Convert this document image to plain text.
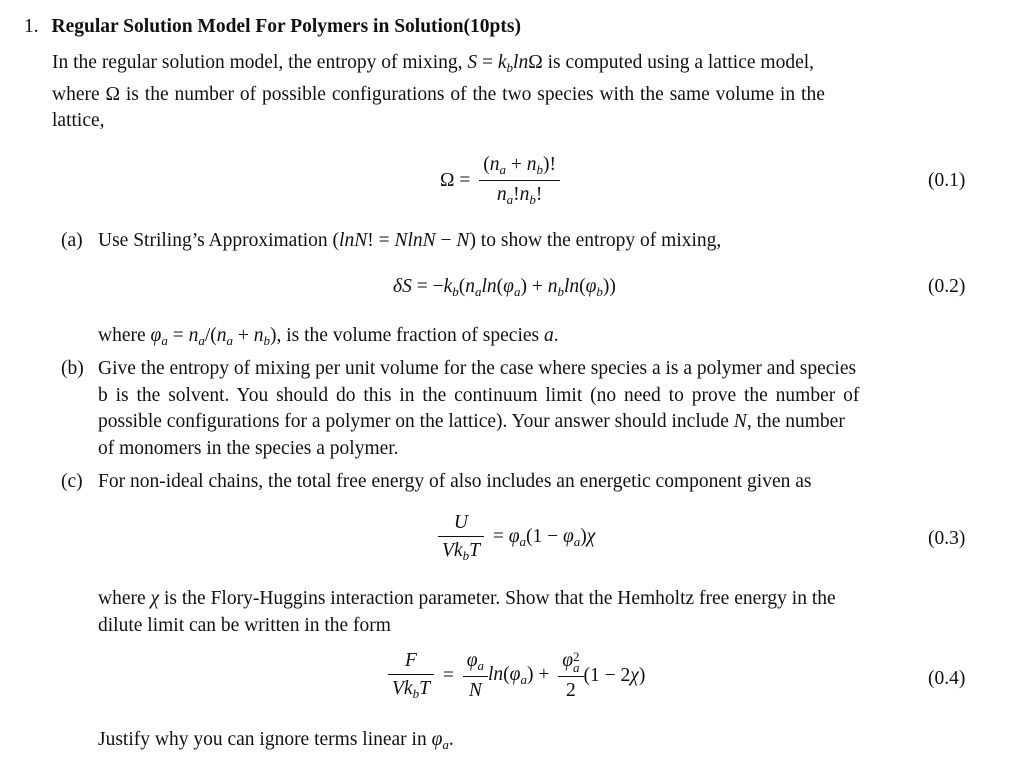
1. Regular Solution Model For Polymers in Solution(10pts)
In the regular solution model, the entropy of mixing, $S = k_b\ln\Omega$ is computed using a lattice model,
where Ω is the number of possible configurations of the two species with the same volume in the
lattice,
$\Omega = \frac{(n_a + n_b)!}{n_a!n_b!}$	(0.1)
(a) Use Striling’s Approximation (lnN! = NlnN − N) to show the entropy of mixing,
$\delta S = -k_b(n_a\ln(\varphi_a) + n_b\ln(\varphi_b))$	(0.2)
where $\varphi_a = n_a/(n_a + n_b)$, is the volume fraction of species a.
(b) Give the entropy of mixing per unit volume for the case where species a is a polymer and species
b is the solvent. You should do this in the continuum limit (no need to prove the number of
possible configurations for a polymer on the lattice). Your answer should include N, the number
of monomers in the species a polymer.
(c) For non-ideal chains, the total free energy of also includes an energetic component given as
$\frac{U}{Vk_bT} = \varphi_a(1 - \varphi_a)\chi$	(0.3)
where χ is the Flory-Huggins interaction parameter. Show that the Hemholtz free energy in the
dilute limit can be written in the form
$\frac{F}{Vk_bT} = \frac{\varphi_a}{N} \ln(\varphi_a)$ +
φ2
a
2
(1 − 2χ)	(0.4)
Justify why you can ignore terms linear in $\varphi_a$.
